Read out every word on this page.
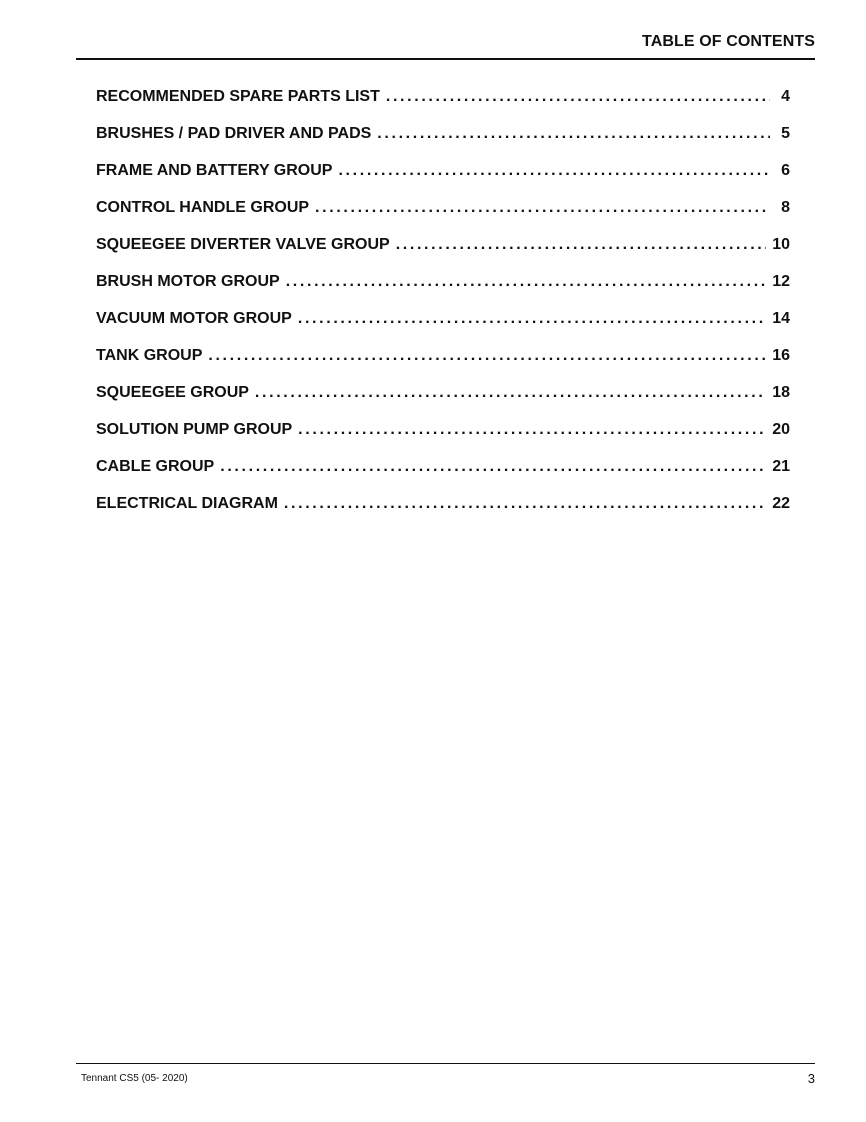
TABLE OF CONTENTS
RECOMMENDED SPARE PARTS LIST . . .	4
BRUSHES / PAD DRIVER AND PADS . . .	5
FRAME AND BATTERY GROUP . . .	6
CONTROL HANDLE GROUP . . .	8
SQUEEGEE DIVERTER VALVE GROUP . . .	10
BRUSH MOTOR GROUP . . .	12
VACUUM MOTOR GROUP . . .	14
TANK GROUP . . .	16
SQUEEGEE GROUP . . .	18
SOLUTION PUMP GROUP . . .	20
CABLE GROUP . . .	21
ELECTRICAL DIAGRAM . . .	22
Tennant CS5 (05- 2020)	3
